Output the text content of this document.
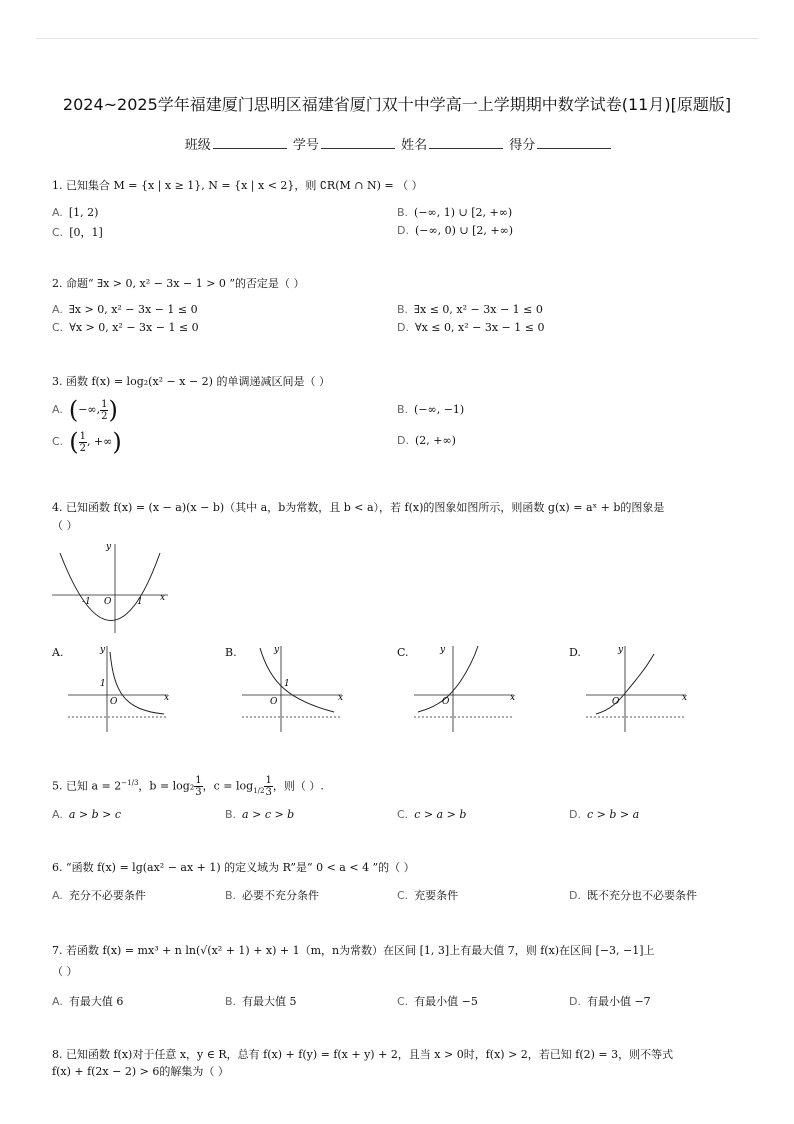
2024~2025学年福建厦门思明区福建省厦门双十中学高一上学期期中数学试卷(11月)[原题版]
班级	学号	姓名	得分
1. 已知集合 M = {x | x ≥ 1}, N = {x | x < 2}，则 ∁R(M ∩ N) = （ ）
A. [1, 2)	B. (−∞, 1) ∪ [2, +∞)
C. [0，1]	D. (−∞, 0) ∪ [2, +∞)
2. 命题“ ∃x > 0, x² − 3x − 1 > 0 ”的否定是（ ）
A. ∃x > 0, x² − 3x − 1 ≤ 0	B. ∃x ≤ 0, x² − 3x − 1 ≤ 0
C. ∀x > 0, x² − 3x − 1 ≤ 0	D. ∀x ≤ 0, x² − 3x − 1 ≤ 0
3. 函数 f(x) = log₂(x² − x − 2) 的单调递减区间是（ ）
A. (−∞, $\frac{1}{2}$ )	B. (−∞, −1)
C. ( $\frac{1}{2}$ , +∞)	D. (2, +∞)
4. 已知函数 f(x) = (x − a)(x − b)（其中 a，b为常数，且 b < a），若 f(x)的图象如图所示，则函数 g(x) = aˣ + b的图象是
（ ）
y
x
O
-1	1
A.	y
x
O
1
B.	y
x
O
1
C.	y
x
O
D.	y
x
O
5. 已知 $a = 2^{-1/3}$，$b = \log_2 \frac{1}{3}$ ，$c = \log_{1/2} \frac{1}{3}$ ，则（ ）.
A. a > b > c	B. a > c > b	C. c > a > b	D. c > b > a
6. “函数 f(x) = lg(ax² − ax + 1) 的定义域为 R”是“ 0 < a < 4 ”的（ ）
A. 充分不必要条件	B. 必要不充分条件	C. 充要条件	D. 既不充分也不必要条件
7. 若函数 f(x) = mx³ + n ln(√(x² + 1) + x) + 1（m，n为常数）在区间 [1, 3]上有最大值 7，则 f(x)在区间 [−3, −1]上
（ ）
A. 有最大值 6	B. 有最大值 5	C. 有最小值 −5	D. 有最小值 −7
8. 已知函数 f(x)对于任意 x，y ∈ R，总有 f(x) + f(y) = f(x + y) + 2，且当 x > 0时，f(x) > 2，若已知 f(2) = 3，则不等式
f(x) + f(2x − 2) > 6的解集为（ ）
